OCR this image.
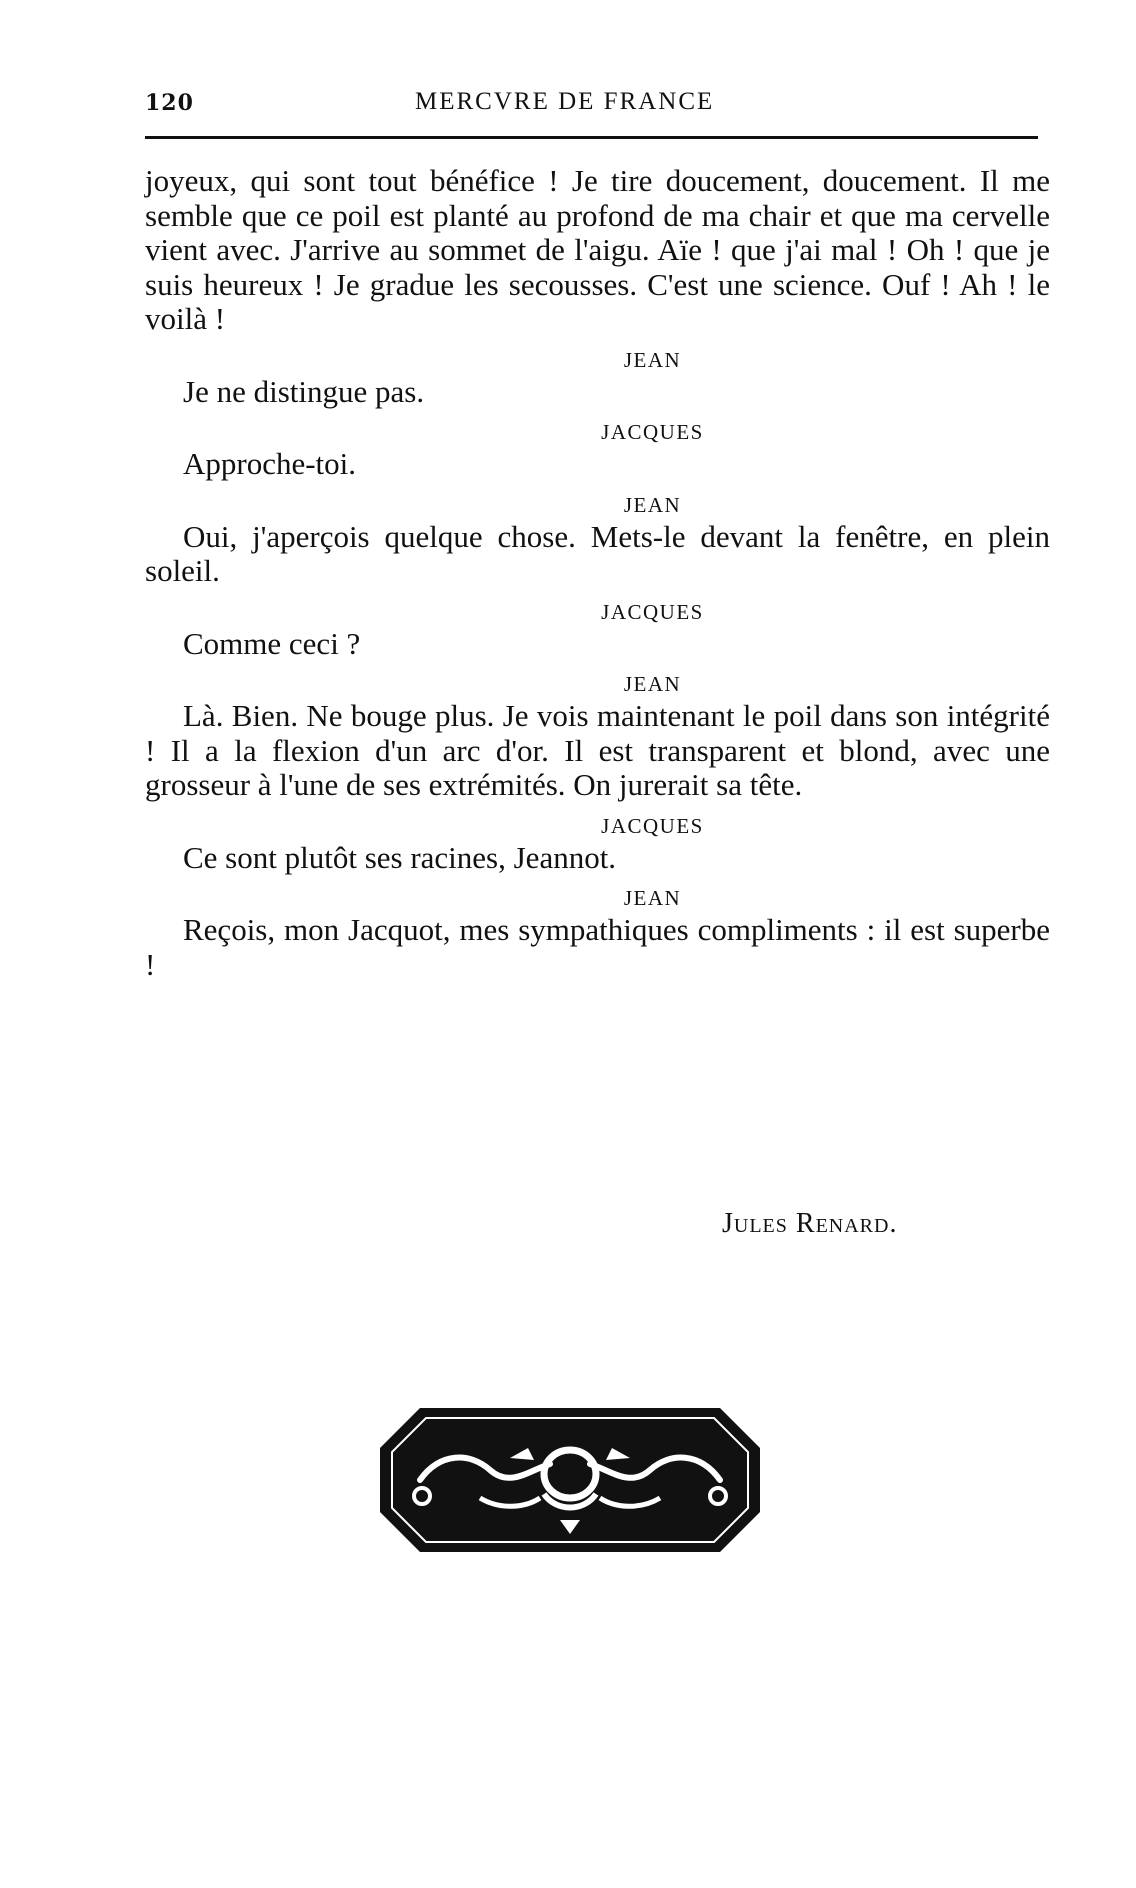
120	MERCVRE DE FRANCE

joyeux, qui sont tout bénéfice ! Je tire doucement, doucement. Il me semble que ce poil est planté au profond de ma chair et que ma cervelle vient avec. J'arrive au sommet de l'aigu. Aïe ! que j'ai mal ! Oh ! que je suis heureux ! Je gradue les secousses. C'est une science. Ouf ! Ah ! le voilà !

JEAN

Je ne distingue pas.

JACQUES

Approche-toi.

JEAN

Oui, j'aperçois quelque chose. Mets-le devant la fenêtre, en plein soleil.

JACQUES

Comme ceci ?

JEAN

Là. Bien. Ne bouge plus. Je vois maintenant le poil dans son intégrité ! Il a la flexion d'un arc d'or. Il est transparent et blond, avec une grosseur à l'une de ses extrémités. On jurerait sa tête.

JACQUES

Ce sont plutôt ses racines, Jeannot.

JEAN

Reçois, mon Jacquot, mes sympathiques compliments : il est superbe !

Jules Renard.
